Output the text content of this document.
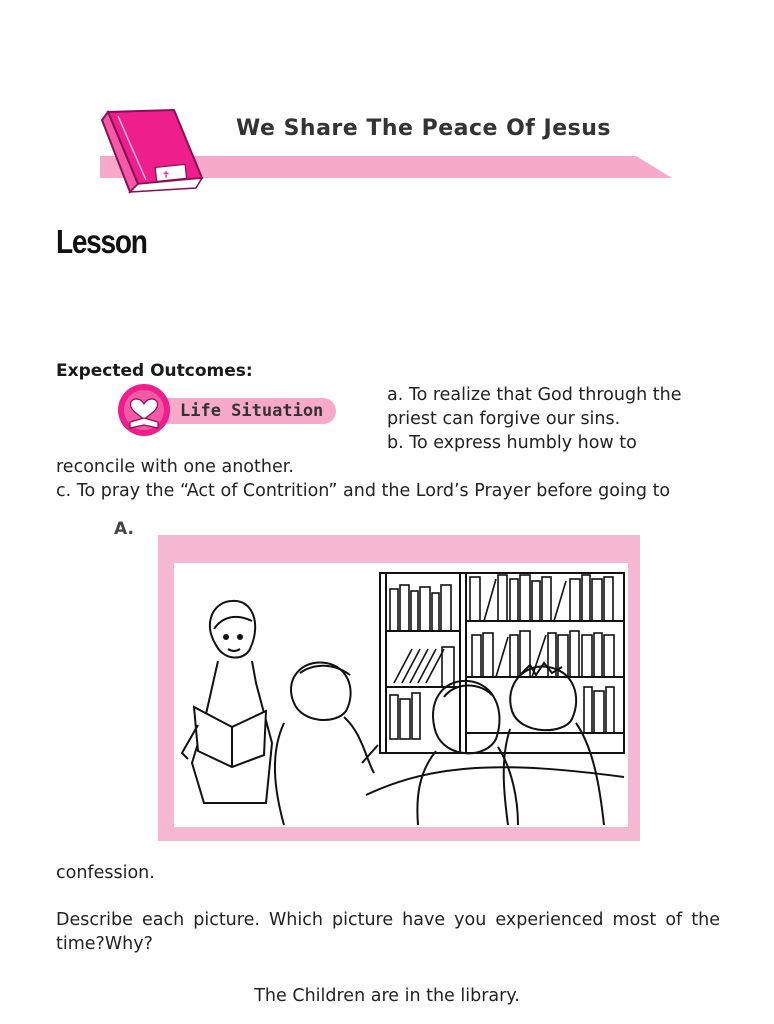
✝
We Share The Peace Of Jesus
Lesson
Expected Outcomes:
Life Situation
a. To realize that God through the
priest can forgive our sins.
b. To express humbly how to
reconcile with one another.
c. To pray the “Act of Contrition” and the Lord’s Prayer before going to
A.
confession.
Describe each picture. Which picture have you experienced most of the time?Why?
The Children are in the library.
